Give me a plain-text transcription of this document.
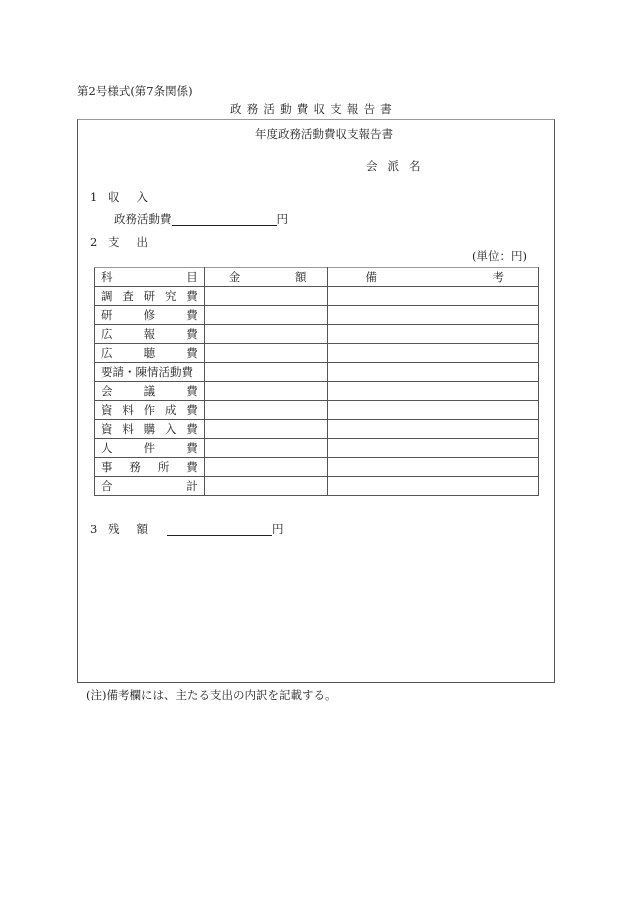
第2号様式(第7条関係)
政務活動費収支報告書
年度政務活動費収支報告書
会派名
1 収入
政務活動費	円
2 支出
(単位：円)
科 目	金 額	備 考

調 査 研 究 費		

研 修 費		

広 報 費		

広 聴 費		

要請・陳情活動費		

会 議 費		

資 料 作 成 費		

資 料 購 入 費		

人 件 費		

事 務 所 費		

合 計		

3 残額	円
(注)備考欄には、主たる支出の内訳を記載する。
